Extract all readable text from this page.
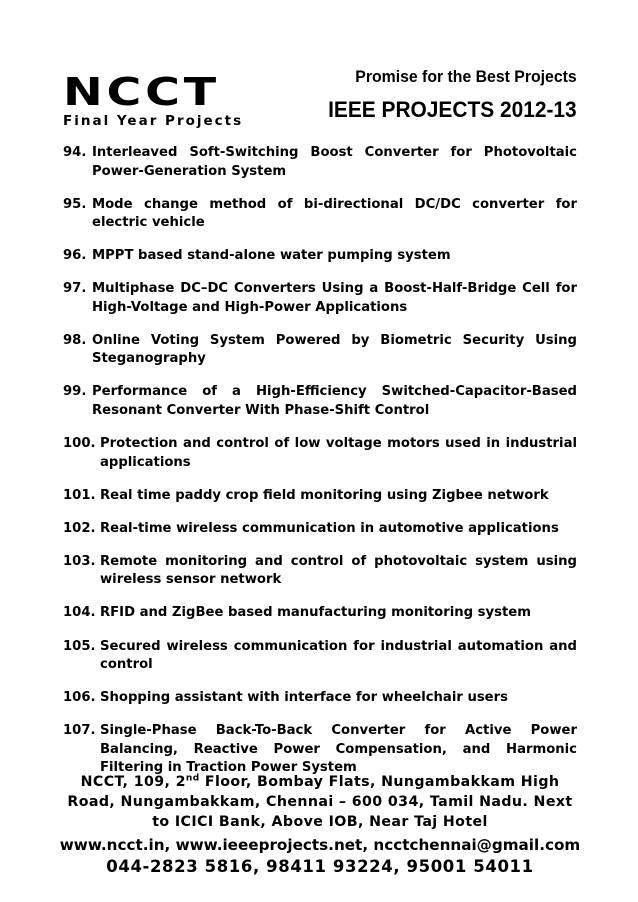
NCCT
Final Year Projects
Promise for the Best Projects
IEEE PROJECTS 2012-13
94. Interleaved Soft-Switching Boost Converter for Photovoltaic Power-Generation System
95. Mode change method of bi-directional DC/DC converter for electric vehicle
96. MPPT based stand-alone water pumping system
97. Multiphase DC–DC Converters Using a Boost-Half-Bridge Cell for High-Voltage and High-Power Applications
98. Online Voting System Powered by Biometric Security Using Steganography
99. Performance of a High-Efficiency Switched-Capacitor-Based Resonant Converter With Phase-Shift Control
100. Protection and control of low voltage motors used in industrial applications
101. Real time paddy crop field monitoring using Zigbee network
102. Real-time wireless communication in automotive applications
103. Remote monitoring and control of photovoltaic system using wireless sensor network
104. RFID and ZigBee based manufacturing monitoring system
105. Secured wireless communication for industrial automation and control
106. Shopping assistant with interface for wheelchair users
107. Single-Phase Back-To-Back Converter for Active Power Balancing, Reactive Power Compensation, and Harmonic Filtering in Traction Power System
NCCT, 109, 2nd Floor, Bombay Flats, Nungambakkam High
Road, Nungambakkam, Chennai – 600 034, Tamil Nadu. Next
to ICICI Bank, Above IOB, Near Taj Hotel
www.ncct.in, www.ieeeprojects.net, ncctchennai@gmail.com
044-2823 5816, 98411 93224, 95001 54011
